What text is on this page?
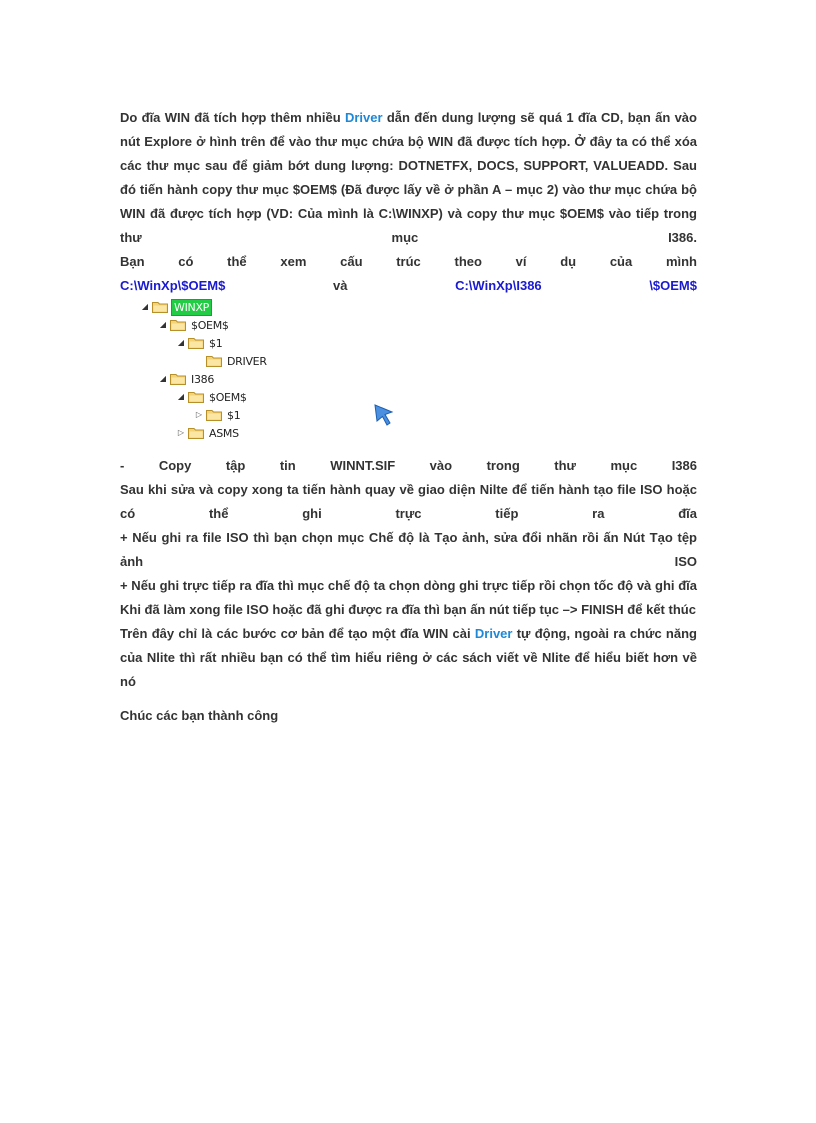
Do đĩa WIN đã tích hợp thêm nhiều Driver dẫn đến dung lượng sẽ quá 1 đĩa CD, bạn ấn vào nút Explore ở hình trên để vào thư mục chứa bộ WIN đã được tích hợp. Ở đây ta có thể xóa các thư mục sau để giảm bớt dung lượng: DOTNETFX, DOCS, SUPPORT, VALUEADD. Sau đó tiến hành copy thư mục $OEM$ (Đã được lấy về ở phần A – mục 2) vào thư mục chứa bộ WIN đã được tích hợp (VD: Của mình là C:\WINXP) và copy thư mục $OEM$ vào tiếp trong thư mục I386.

Bạn có thể xem cấu trúc theo ví dụ của mình

C:\WinXp\$OEM$	và	C:\WinXp\I386	\$OEM$
◢ WINXP
◢ $OEM$
◢ $1
DRIVER
◢ I386
◢ $OEM$
▷ $1
▷ ASMS

- Copy tập tin WINNT.SIF vào trong thư mục I386

Sau khi sửa và copy xong ta tiến hành quay về giao diện Nilte để tiến hành tạo file ISO hoặc có thể ghi trực tiếp ra đĩa

+ Nếu ghi ra file ISO thì bạn chọn mục Chế độ là Tạo ảnh, sửa đổi nhãn rồi ấn Nút Tạo tệp ảnh ISO

+ Nếu ghi trực tiếp ra đĩa thì mục chế độ ta chọn dòng ghi trực tiếp rồi chọn tốc độ và ghi đĩa

Khi đã làm xong file ISO hoặc đã ghi được ra đĩa thì bạn ấn nút tiếp tục –> FINISH để kết thúc

Trên đây chỉ là các bước cơ bản để tạo một đĩa WIN cài Driver tự động, ngoài ra chức năng của Nlite thì rất nhiều bạn có thể tìm hiểu riêng ở các sách viết về Nlite để hiểu biết hơn về nó

Chúc các bạn thành công
